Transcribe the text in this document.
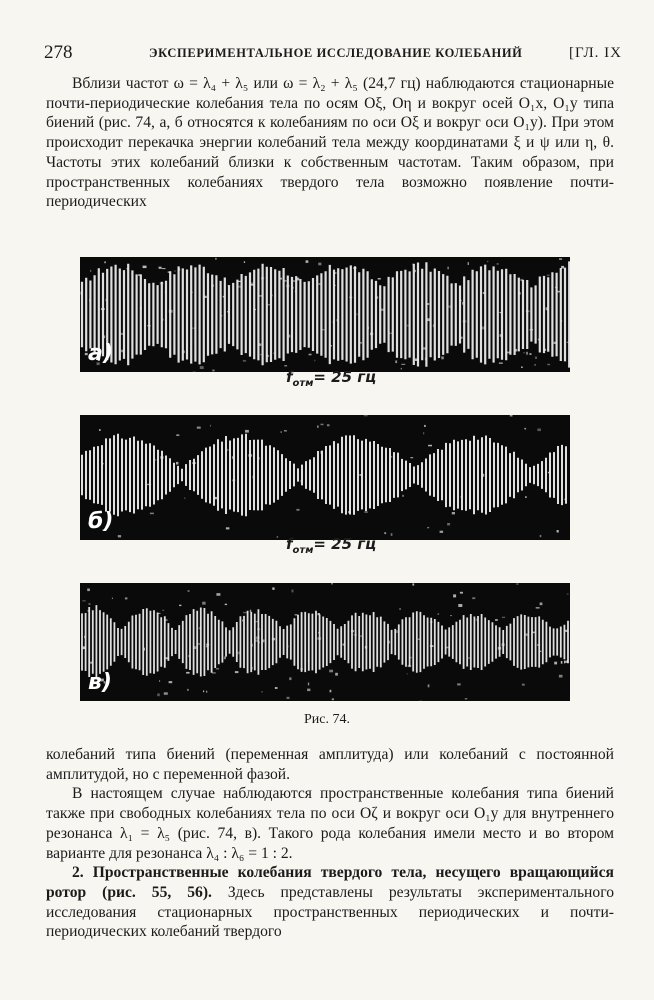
278	ЭКСПЕРИМЕНТАЛЬНОЕ ИССЛЕДОВАНИЕ КОЛЕБАНИЙ	[ГЛ. IX

Вблизи частот ω = λ₄ + λ₅ или ω = λ₂ + λ₅ (24,7 гц) наблюдаются стационарные почти-периодические колебания тела по осям Oξ, Oη и вокруг осей O₁x, O₁y типа биений (рис. 74, а, б относятся к колебаниям по оси Oξ и вокруг оси O₁y). При этом происходит перекачка энергии колебаний тела между координатами ξ и ψ или η, θ. Частоты этих колебаний близки к собственным частотам. Таким образом, при пространственных колебаниях твердого тела возможно появление почти-периодических

а)
$f_{отм}= 25$ гц
б)
$f_{отм}= 25$ гц
в)
Рис. 74.

колебаний типа биений (переменная амплитуда) или колебаний с постоянной амплитудой, но с переменной фазой.

В настоящем случае наблюдаются пространственные колебания типа биений также при свободных колебаниях тела по оси Oζ и вокруг оси O₁y для внутреннего резонанса λ₁ = λ₅ (рис. 74, в). Такого рода колебания имели место и во втором варианте для резонанса λ₄ : λ₆ = 1 : 2.

2. Пространственные колебания твердого тела, несущего вращающийся ротор (рис. 55, 56). Здесь представлены результаты экспериментального исследования стационарных пространственных периодических и почти-периодических колебаний твердого
